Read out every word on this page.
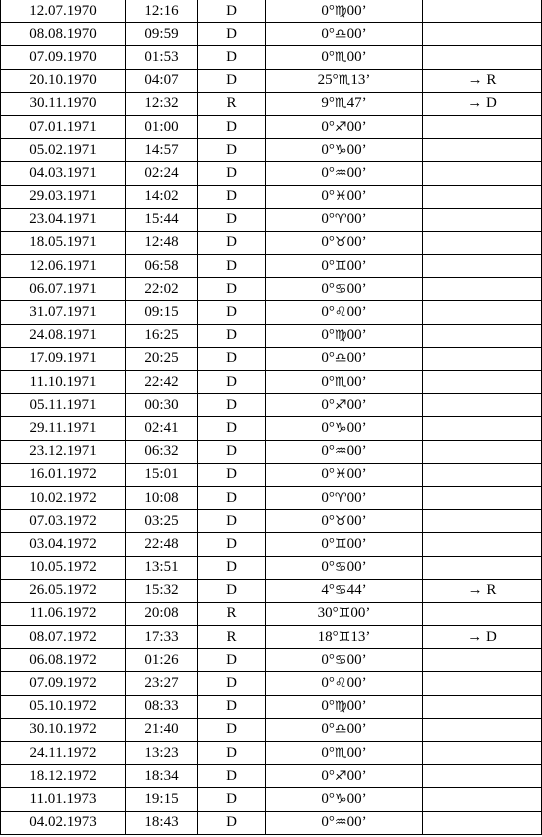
12.07.1970	12:16	D	0°♍00’	
08.08.1970	09:59	D	0°♎00’	
07.09.1970	01:53	D	0°♏00’	
20.10.1970	04:07	D	25°♏13’	→ R
30.11.1970	12:32	R	9°♏47’	→ D
07.01.1971	01:00	D	0°♐00’	
05.02.1971	14:57	D	0°♑00’	
04.03.1971	02:24	D	0°♒00’	
29.03.1971	14:02	D	0°♓00’	
23.04.1971	15:44	D	0°♈00’	
18.05.1971	12:48	D	0°♉00’	
12.06.1971	06:58	D	0°♊00’	
06.07.1971	22:02	D	0°♋00’	
31.07.1971	09:15	D	0°♌00’	
24.08.1971	16:25	D	0°♍00’	
17.09.1971	20:25	D	0°♎00’	
11.10.1971	22:42	D	0°♏00’	
05.11.1971	00:30	D	0°♐00’	
29.11.1971	02:41	D	0°♑00’	
23.12.1971	06:32	D	0°♒00’	
16.01.1972	15:01	D	0°♓00’	
10.02.1972	10:08	D	0°♈00’	
07.03.1972	03:25	D	0°♉00’	
03.04.1972	22:48	D	0°♊00’	
10.05.1972	13:51	D	0°♋00’	
26.05.1972	15:32	D	4°♋44’	→ R
11.06.1972	20:08	R	30°♊00’	
08.07.1972	17:33	R	18°♊13’	→ D
06.08.1972	01:26	D	0°♋00’	
07.09.1972	23:27	D	0°♌00’	
05.10.1972	08:33	D	0°♍00’	
30.10.1972	21:40	D	0°♎00’	
24.11.1972	13:23	D	0°♏00’	
18.12.1972	18:34	D	0°♐00’	
11.01.1973	19:15	D	0°♑00’	
04.02.1973	18:43	D	0°♒00’	
